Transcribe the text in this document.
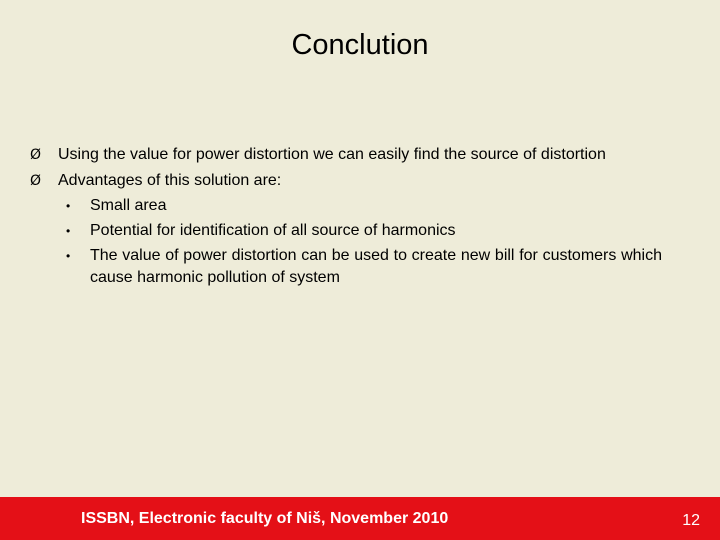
Conclution
Ø	Using the value for power distortion we can easily find the source of distortion
Ø	Advantages of this solution are:
•	Small area
•	Potential for identification of all source of harmonics
•	The value of power distortion can be used to create new bill for customers which cause harmonic pollution of system
ISSBN, Electronic faculty of Niš, November 2010	12
